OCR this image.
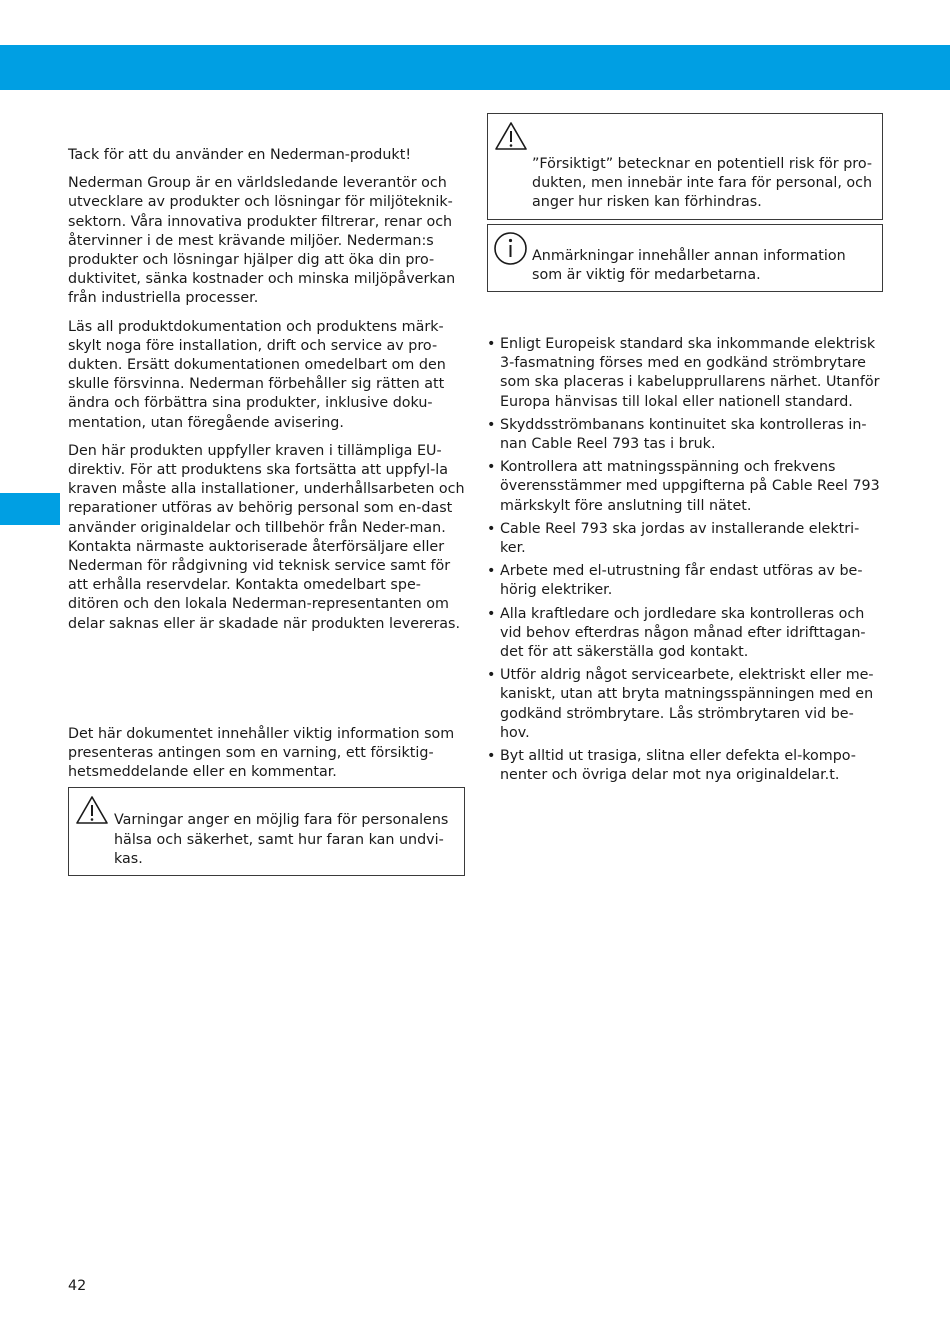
Tack för att du använder en Nederman-produkt!

Nederman Group är en världsledande leverantör och utvecklare av produkter och lösningar för miljöteknik-sektorn. Våra innovativa produkter filtrerar, renar och återvinner i de mest krävande miljöer. Nederman:s produkter och lösningar hjälper dig att öka din pro-duktivitet, sänka kostnader och minska miljöpåverkan från industriella processer.

Läs all produktdokumentation och produktens märk-skylt noga före installation, drift och service av pro-dukten. Ersätt dokumentationen omedelbart om den skulle försvinna. Nederman förbehåller sig rätten att ändra och förbättra sina produkter, inklusive doku-mentation, utan föregående avisering.

Den här produkten uppfyller kraven i tillämpliga EU-direktiv. För att produktens ska fortsätta att uppfyl-la kraven måste alla installationer, underhållsarbeten och reparationer utföras av behörig personal som en-dast använder originaldelar och tillbehör från Neder-man. Kontakta närmaste auktoriserade återförsäljare eller Nederman för rådgivning vid teknisk service samt för att erhålla reservdelar. Kontakta omedelbart spe-ditören och den lokala Nederman-representanten om delar saknas eller är skadade när produkten levereras.

Det här dokumentet innehåller viktig information som presenteras antingen som en varning, ett försiktig-hetsmeddelande eller en kommentar.

Varningar anger en möjlig fara för personalens hälsa och säkerhet, samt hur faran kan undvi-kas.

”Försiktigt” betecknar en potentiell risk för pro-dukten, men innebär inte fara för personal, och anger hur risken kan förhindras.

Anmärkningar innehåller annan information som är viktig för medarbetarna.

• Enligt Europeisk standard ska inkommande elektrisk 3-fasmatning förses med en godkänd strömbrytare som ska placeras i kabelupprullarens närhet. Utanför Europa hänvisas till lokal eller nationell standard.
• Skyddsströmbanans kontinuitet ska kontrolleras in-nan Cable Reel 793 tas i bruk.
• Kontrollera att matningsspänning och frekvens överensstämmer med uppgifterna på Cable Reel 793 märkskylt före anslutning till nätet.
• Cable Reel 793 ska jordas av installerande elektri-ker.
• Arbete med el-utrustning får endast utföras av be-hörig elektriker.
• Alla kraftledare och jordledare ska kontrolleras och vid behov efterdras någon månad efter idrifttagan-det för att säkerställa god kontakt.
• Utför aldrig något servicearbete, elektriskt eller me-kaniskt, utan att bryta matningsspänningen med en godkänd strömbrytare. Lås strömbrytaren vid be-hov.
• Byt alltid ut trasiga, slitna eller defekta el-kompo-nenter och övriga delar mot nya originaldelar.t.
42
